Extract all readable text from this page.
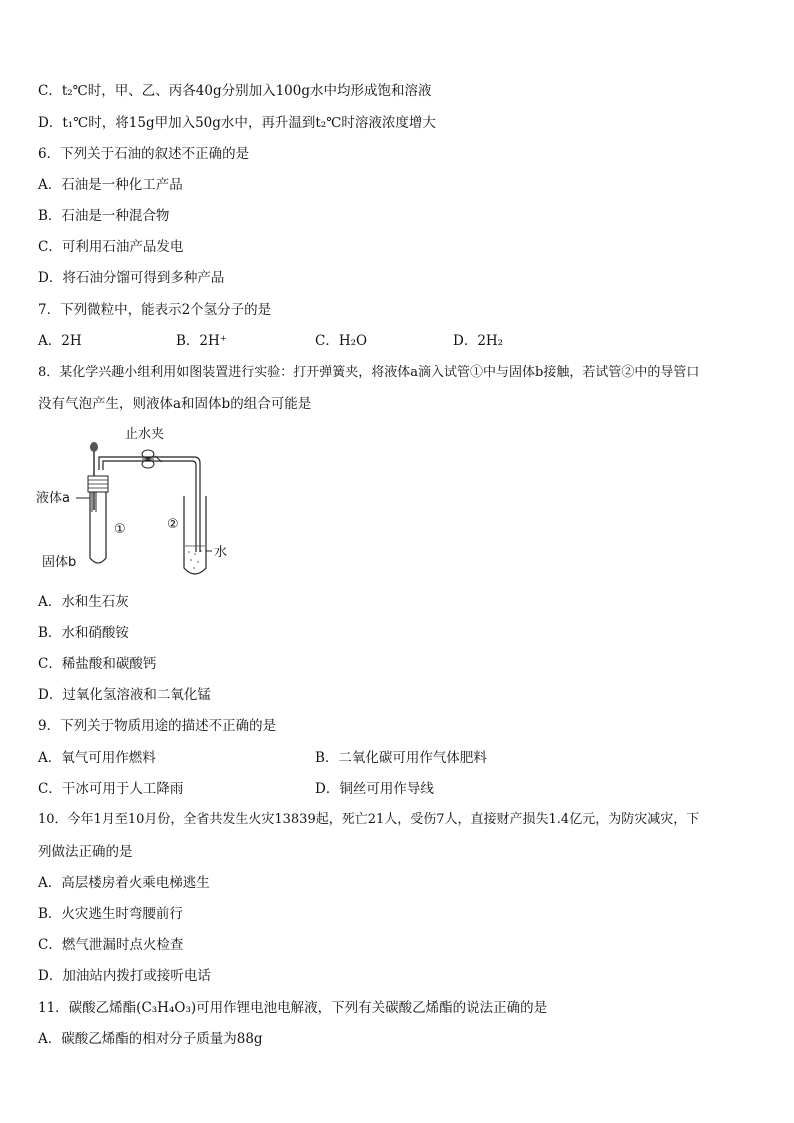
C．t₂℃时，甲、乙、丙各40g分别加入100g水中均形成饱和溶液
D．t₁℃时，将15g甲加入50g水中，再升温到t₂℃时溶液浓度增大
6．下列关于石油的叙述不正确的是
A．石油是一种化工产品
B．石油是一种混合物
C．可利用石油产品发电
D．将石油分馏可得到多种产品
7．下列微粒中，能表示2个氢分子的是
A．2H	B．2H⁺	C．H₂O	D．2H₂
8．某化学兴趣小组利用如图装置进行实验：打开弹簧夹，将液体a滴入试管①中与固体b接触，若试管②中的导管口
没有气泡产生，则液体a和固体b的组合可能是
止水夹
①
水
②
液体a
固体b
A．水和生石灰
B．水和硝酸铵
C．稀盐酸和碳酸钙
D．过氧化氢溶液和二氧化锰
9．下列关于物质用途的描述不正确的是
A．氧气可用作燃料	B．二氧化碳可用作气体肥料
C．干冰可用于人工降雨	D．铜丝可用作导线
10．今年1月至10月份，全省共发生火灾13839起，死亡21人，受伤7人，直接财产损失1.4亿元，为防灾减灾，下
列做法正确的是
A．高层楼房着火乘电梯逃生
B．火灾逃生时弯腰前行
C．燃气泄漏时点火检查
D．加油站内拨打或接听电话
11．碳酸乙烯酯(C₃H₄O₃)可用作锂电池电解液，下列有关碳酸乙烯酯的说法正确的是
A．碳酸乙烯酯的相对分子质量为88g
